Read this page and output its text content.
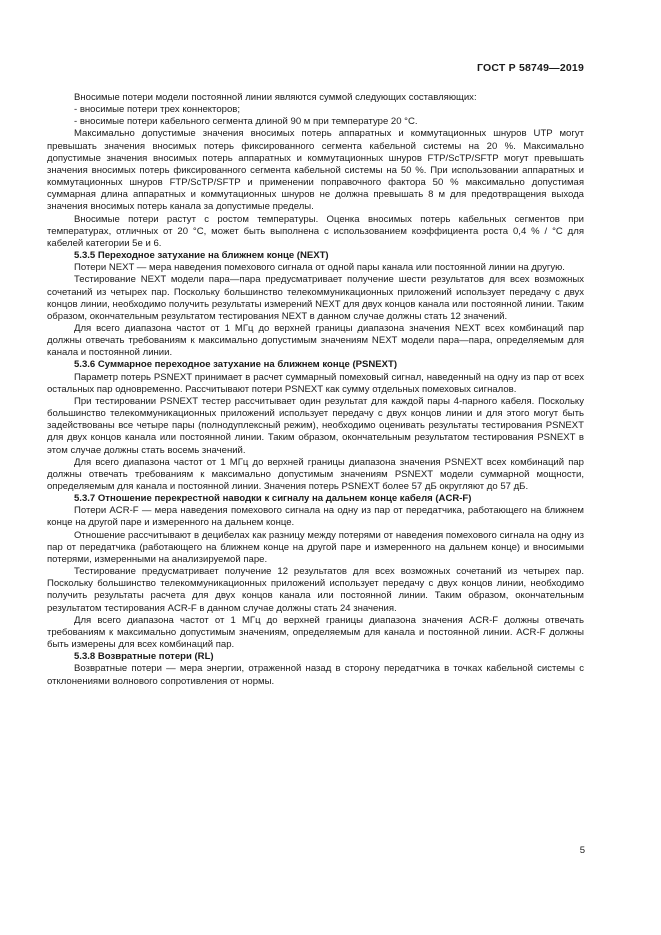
ГОСТ Р 58749—2019

Вносимые потери модели постоянной линии являются суммой следующих составляющих:

- вносимые потери трех коннекторов;

- вносимые потери кабельного сегмента длиной 90 м при температуре 20 °С.

Максимально допустимые значения вносимых потерь аппаратных и коммутационных шнуров UTP могут превышать значения вносимых потерь фиксированного сегмента кабельной системы на 20 %. Максимально допустимые значения вносимых потерь аппаратных и коммутационных шнуров FTP/ScTP/SFTP могут превышать значения вносимых потерь фиксированного сегмента кабельной системы на 50 %. При использовании аппаратных и коммутационных шнуров FTP/ScTP/SFTP и применении поправочного фактора 50 % максимально допустимая суммарная длина аппаратных и коммутационных шнуров не должна превышать 8 м для предотвращения выхода значения вносимых потерь канала за допустимые пределы.

Вносимые потери растут с ростом температуры. Оценка вносимых потерь кабельных сегментов при температурах, отличных от 20 °С, может быть выполнена с использованием коэффициента роста 0,4 % / °С для кабелей категории 5е и 6.

5.3.5 Переходное затухание на ближнем конце (NEXT)

Потери NEXT — мера наведения помехового сигнала от одной пары канала или постоянной линии на другую.

Тестирование NEXT модели пара—пара предусматривает получение шести результатов для всех возможных сочетаний из четырех пар. Поскольку большинство телекоммуникационных приложений использует передачу с двух концов линии, необходимо получить результаты измерений NEXT для двух концов канала или постоянной линии. Таким образом, окончательным результатом тестирования NEXT в данном случае должны стать 12 значений.

Для всего диапазона частот от 1 МГц до верхней границы диапазона значения NEXT всех комбинаций пар должны отвечать требованиям к максимально допустимым значениям NEXT модели пара—пара, определяемым для канала и постоянной линии.

5.3.6 Суммарное переходное затухание на ближнем конце (PSNEXT)

Параметр потерь PSNEXT принимает в расчет суммарный помеховый сигнал, наведенный на одну из пар от всех остальных пар одновременно. Рассчитывают потери PSNEXT как сумму отдельных помеховых сигналов.

При тестировании PSNEXT тестер рассчитывает один результат для каждой пары 4-парного кабеля. Поскольку большинство телекоммуникационных приложений использует передачу с двух концов линии и для этого могут быть задействованы все четыре пары (полнодуплексный режим), необходимо оценивать результаты тестирования PSNEXT для двух концов канала или постоянной линии. Таким образом, окончательным результатом тестирования PSNEXT в этом случае должны стать восемь значений.

Для всего диапазона частот от 1 МГц до верхней границы диапазона значения PSNEXT всех комбинаций пар должны отвечать требованиям к максимально допустимым значениям PSNEXT модели суммарной мощности, определяемым для канала и постоянной линии. Значения потерь PSNEXT более 57 дБ округляют до 57 дБ.

5.3.7 Отношение перекрестной наводки к сигналу на дальнем конце кабеля (ACR-F)

Потери ACR-F — мера наведения помехового сигнала на одну из пар от передатчика, работающего на ближнем конце на другой паре и измеренного на дальнем конце.

Отношение рассчитывают в децибелах как разницу между потерями от наведения помехового сигнала на одну из пар от передатчика (работающего на ближнем конце на другой паре и измеренного на дальнем конце) и вносимыми потерями, измеренными на анализируемой паре.

Тестирование предусматривает получение 12 результатов для всех возможных сочетаний из четырех пар. Поскольку большинство телекоммуникационных приложений использует передачу с двух концов линии, необходимо получить результаты расчета для двух концов канала или постоянной линии. Таким образом, окончательным результатом тестирования ACR-F в данном случае должны стать 24 значения.

Для всего диапазона частот от 1 МГц до верхней границы диапазона значения ACR-F должны отвечать требованиям к максимально допустимым значениям, определяемым для канала и постоянной линии. ACR-F должны быть измерены для всех комбинаций пар.

5.3.8 Возвратные потери (RL)

Возвратные потери — мера энергии, отраженной назад в сторону передатчика в точках кабельной системы с отклонениями волнового сопротивления от нормы.

5
